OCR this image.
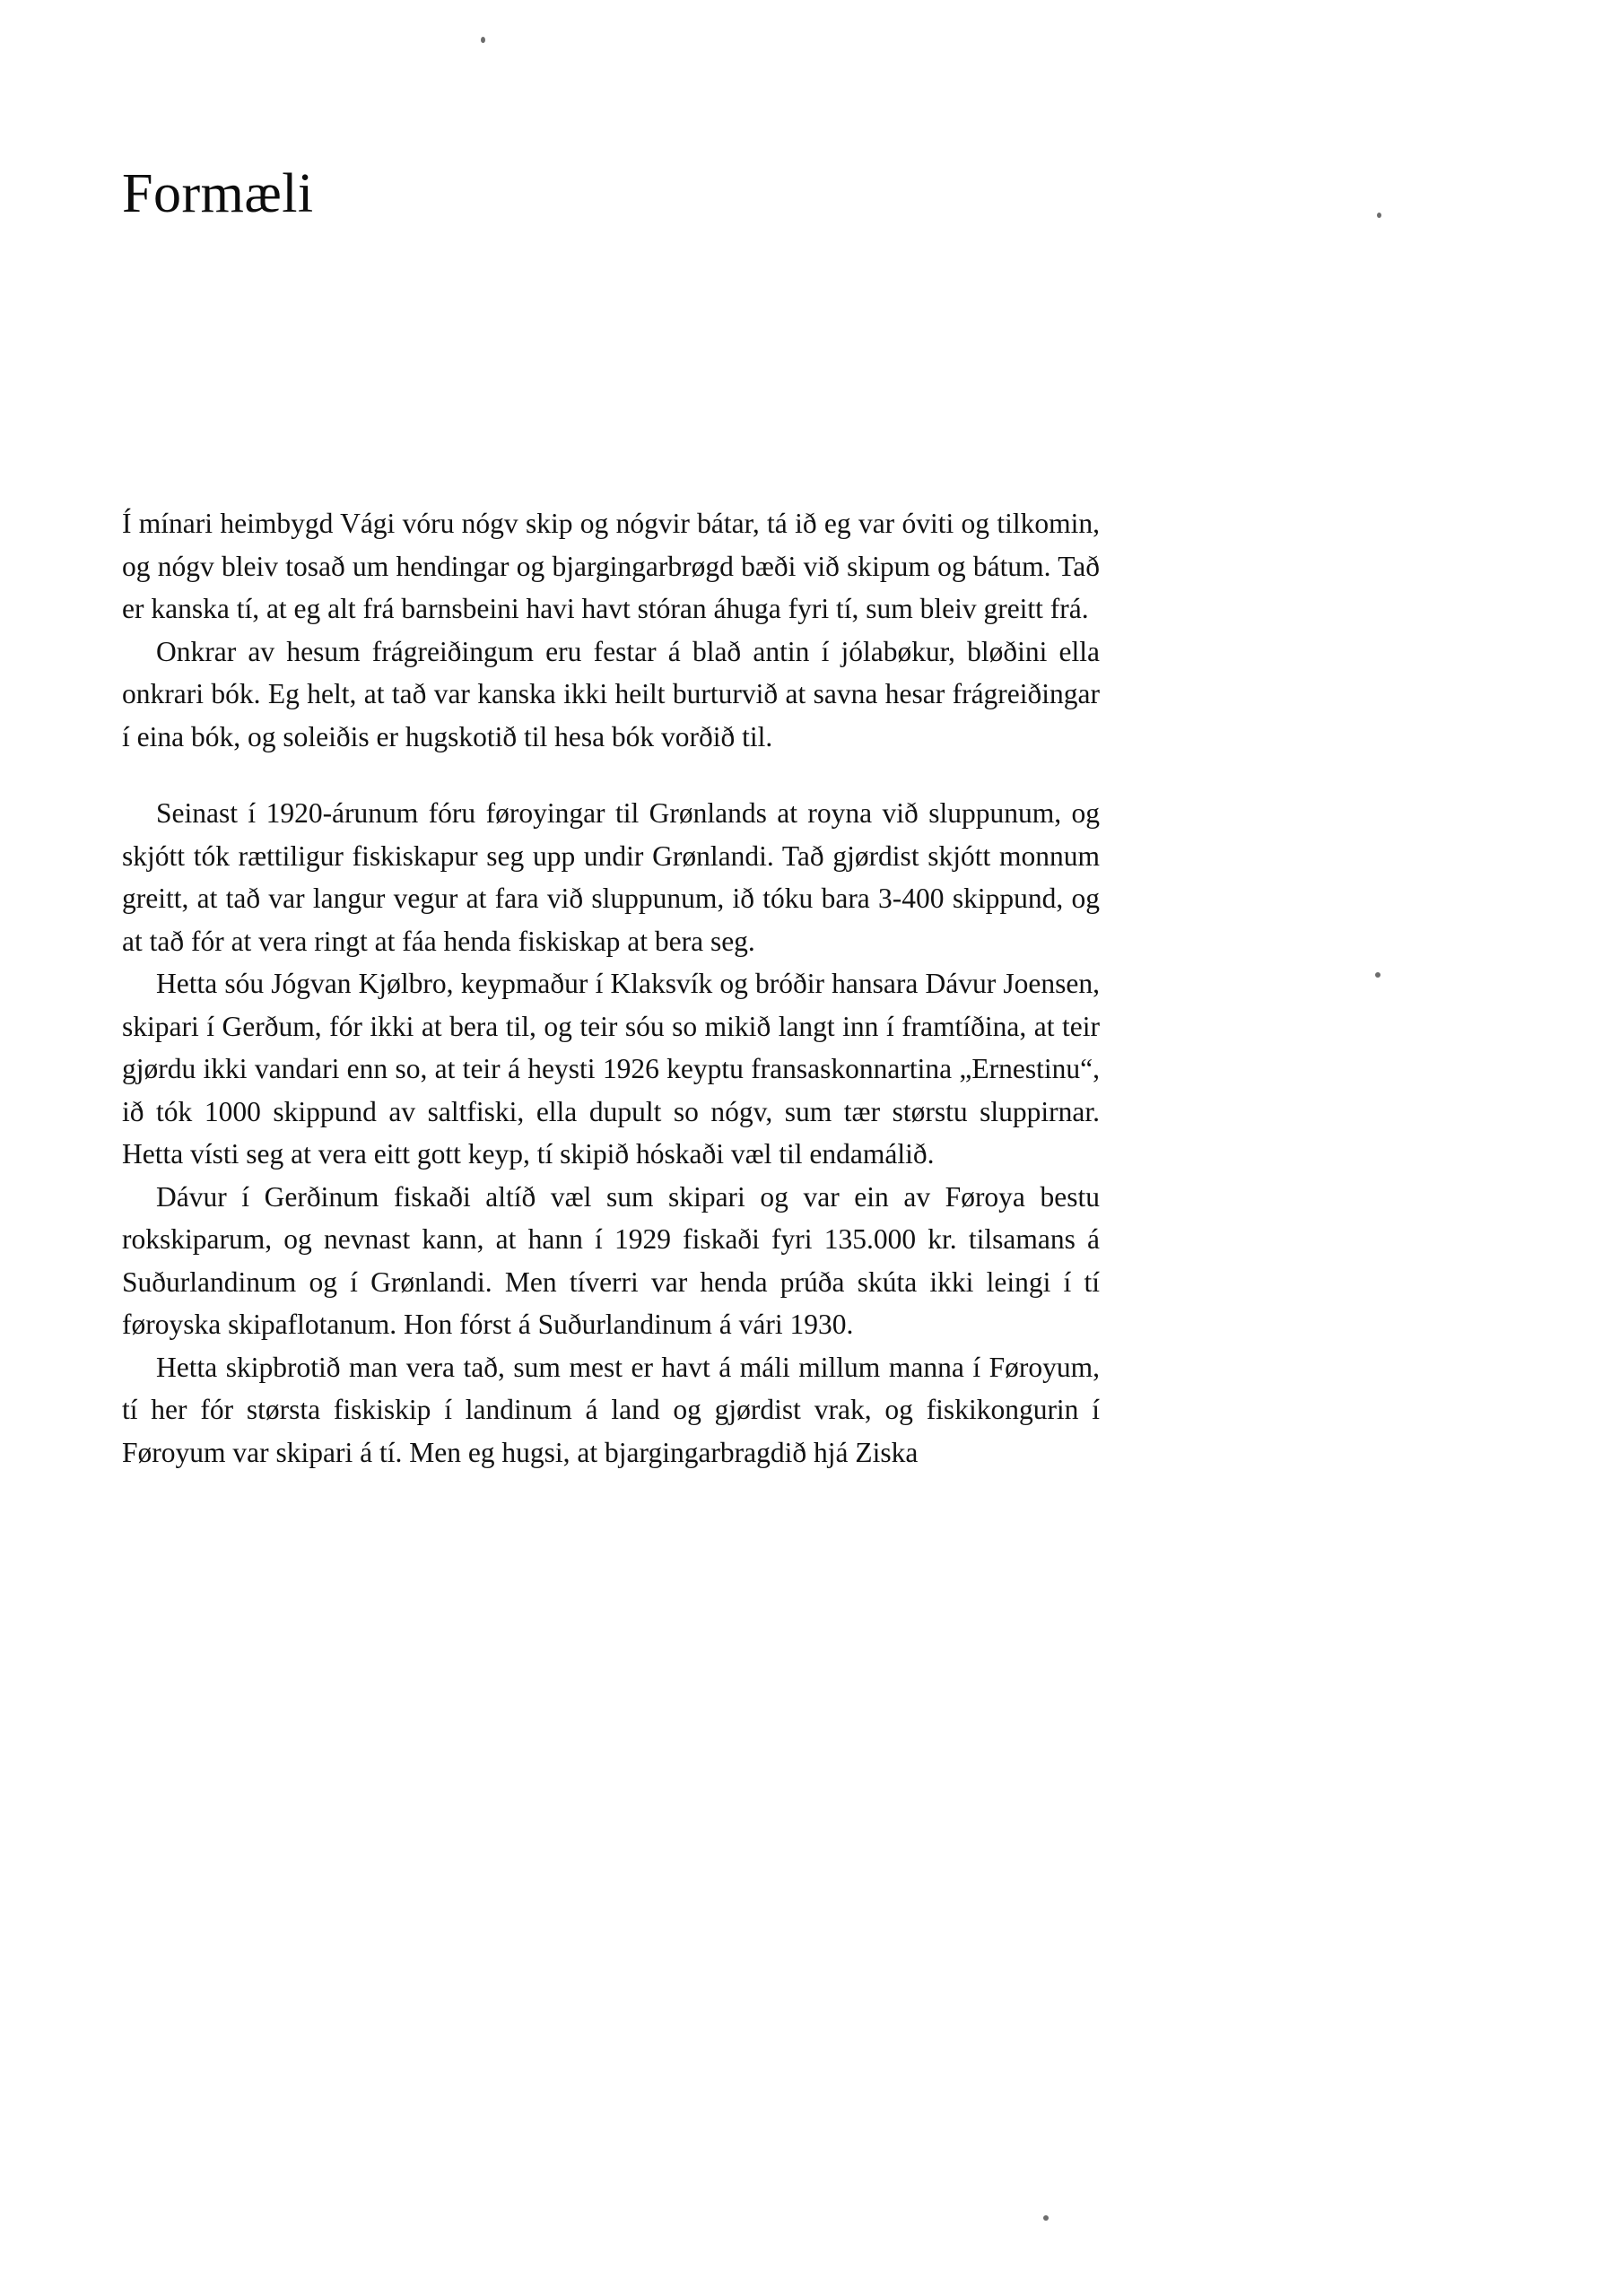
Formæli

Í mínari heimbygd Vági vóru nógv skip og nógvir bátar, tá ið eg var óviti og tilkomin, og nógv bleiv tosað um hendingar og bjargingarbrøgd bæði við skipum og bátum. Tað er kanska tí, at eg alt frá barnsbeini havi havt stóran áhuga fyri tí, sum bleiv greitt frá.

Onkrar av hesum frágreiðingum eru festar á blað antin í jólabøkur, bløðini ella onkrari bók. Eg helt, at tað var kanska ikki heilt burturvið at savna hesar frágreiðingar í eina bók, og soleiðis er hugskotið til hesa bók vorðið til.

Seinast í 1920-árunum fóru føroyingar til Grønlands at royna við sluppunum, og skjótt tók rættiligur fiskiskapur seg upp undir Grønlandi. Tað gjørdist skjótt monnum greitt, at tað var langur vegur at fara við sluppunum, ið tóku bara 3-400 skippund, og at tað fór at vera ringt at fáa henda fiskiskap at bera seg.

Hetta sóu Jógvan Kjølbro, keypmaður í Klaksvík og bróðir hansara Dávur Joensen, skipari í Gerðum, fór ikki at bera til, og teir sóu so mikið langt inn í framtíðina, at teir gjørdu ikki vandari enn so, at teir á heysti 1926 keyptu fransaskonnartina „Ernestinu“, ið tók 1000 skippund av saltfiski, ella dupult so nógv, sum tær størstu sluppirnar. Hetta vísti seg at vera eitt gott keyp, tí skipið hóskaði væl til endamálið.

Dávur í Gerðinum fiskaði altíð væl sum skipari og var ein av Føroya bestu rokskiparum, og nevnast kann, at hann í 1929 fiskaði fyri 135.000 kr. tilsamans á Suðurlandinum og í Grønlandi. Men tíverri var henda prúða skúta ikki leingi í tí føroyska skipaflotanum. Hon fórst á Suðurlandinum á vári 1930.

Hetta skipbrotið man vera tað, sum mest er havt á máli millum manna í Føroyum, tí her fór størsta fiskiskip í landinum á land og gjørdist vrak, og fiskikongurin í Føroyum var skipari á tí. Men eg hugsi, at bjargingarbragdið hjá Ziska
